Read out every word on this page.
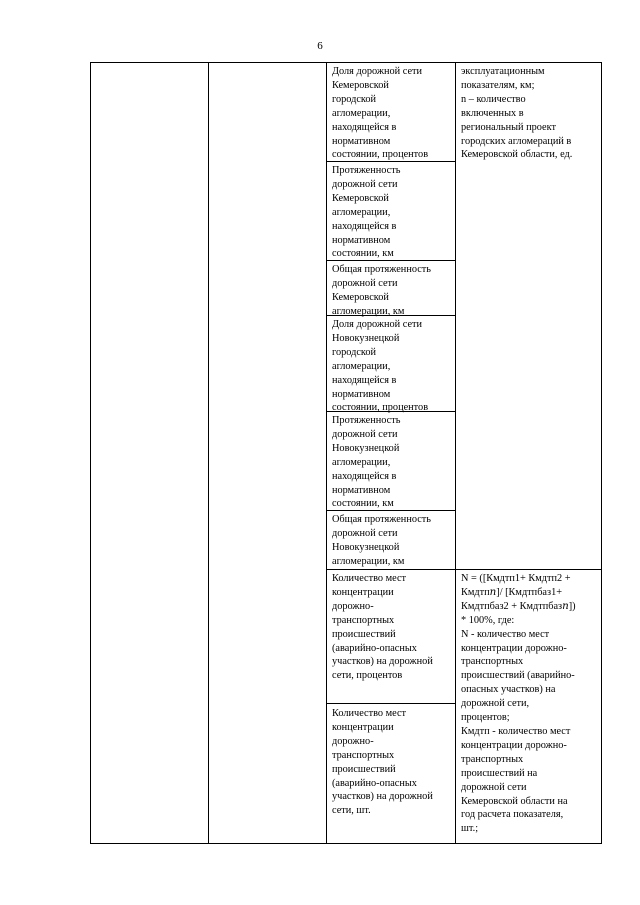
6
Доля дорожной сети
Кемеровской
городской
агломерации,
находящейся в
нормативном
состоянии, процентов
Протяженность
дорожной сети
Кемеровской
агломерации,
находящейся в
нормативном
состоянии, км
Общая протяженность
дорожной сети
Кемеровской
агломерации, км
Доля дорожной сети
Новокузнецкой
городской
агломерации,
находящейся в
нормативном
состоянии, процентов
Протяженность
дорожной сети
Новокузнецкой
агломерации,
находящейся в
нормативном
состоянии, км
Общая протяженность
дорожной сети
Новокузнецкой
агломерации, км
Количество мест
концентрации
дорожно-
транспортных
происшествий
(аварийно-опасных
участков) на дорожной
сети, процентов
Количество мест
концентрации
дорожно-
транспортных
происшествий
(аварийно-опасных
участков) на дорожной
сети, шт.
эксплуатационным
показателям, км;
n – количество
включенных в
региональный проект
городских агломераций в
Кемеровской области, ед.
N = ([Кмдтп1+ Кмдтп2 +
Кмдтп𝑛]/ [Кмдтпбаз1+
Кмдтпбаз2 + Кмдтпбаз𝑛])
* 100%, где:
N - количество мест
концентрации дорожно-
транспортных
происшествий (аварийно-
опасных участков) на
дорожной сети,
процентов;
Кмдтп - количество мест
концентрации дорожно-
транспортных
происшествий на
дорожной сети
Кемеровской области на
год расчета показателя,
шт.;
